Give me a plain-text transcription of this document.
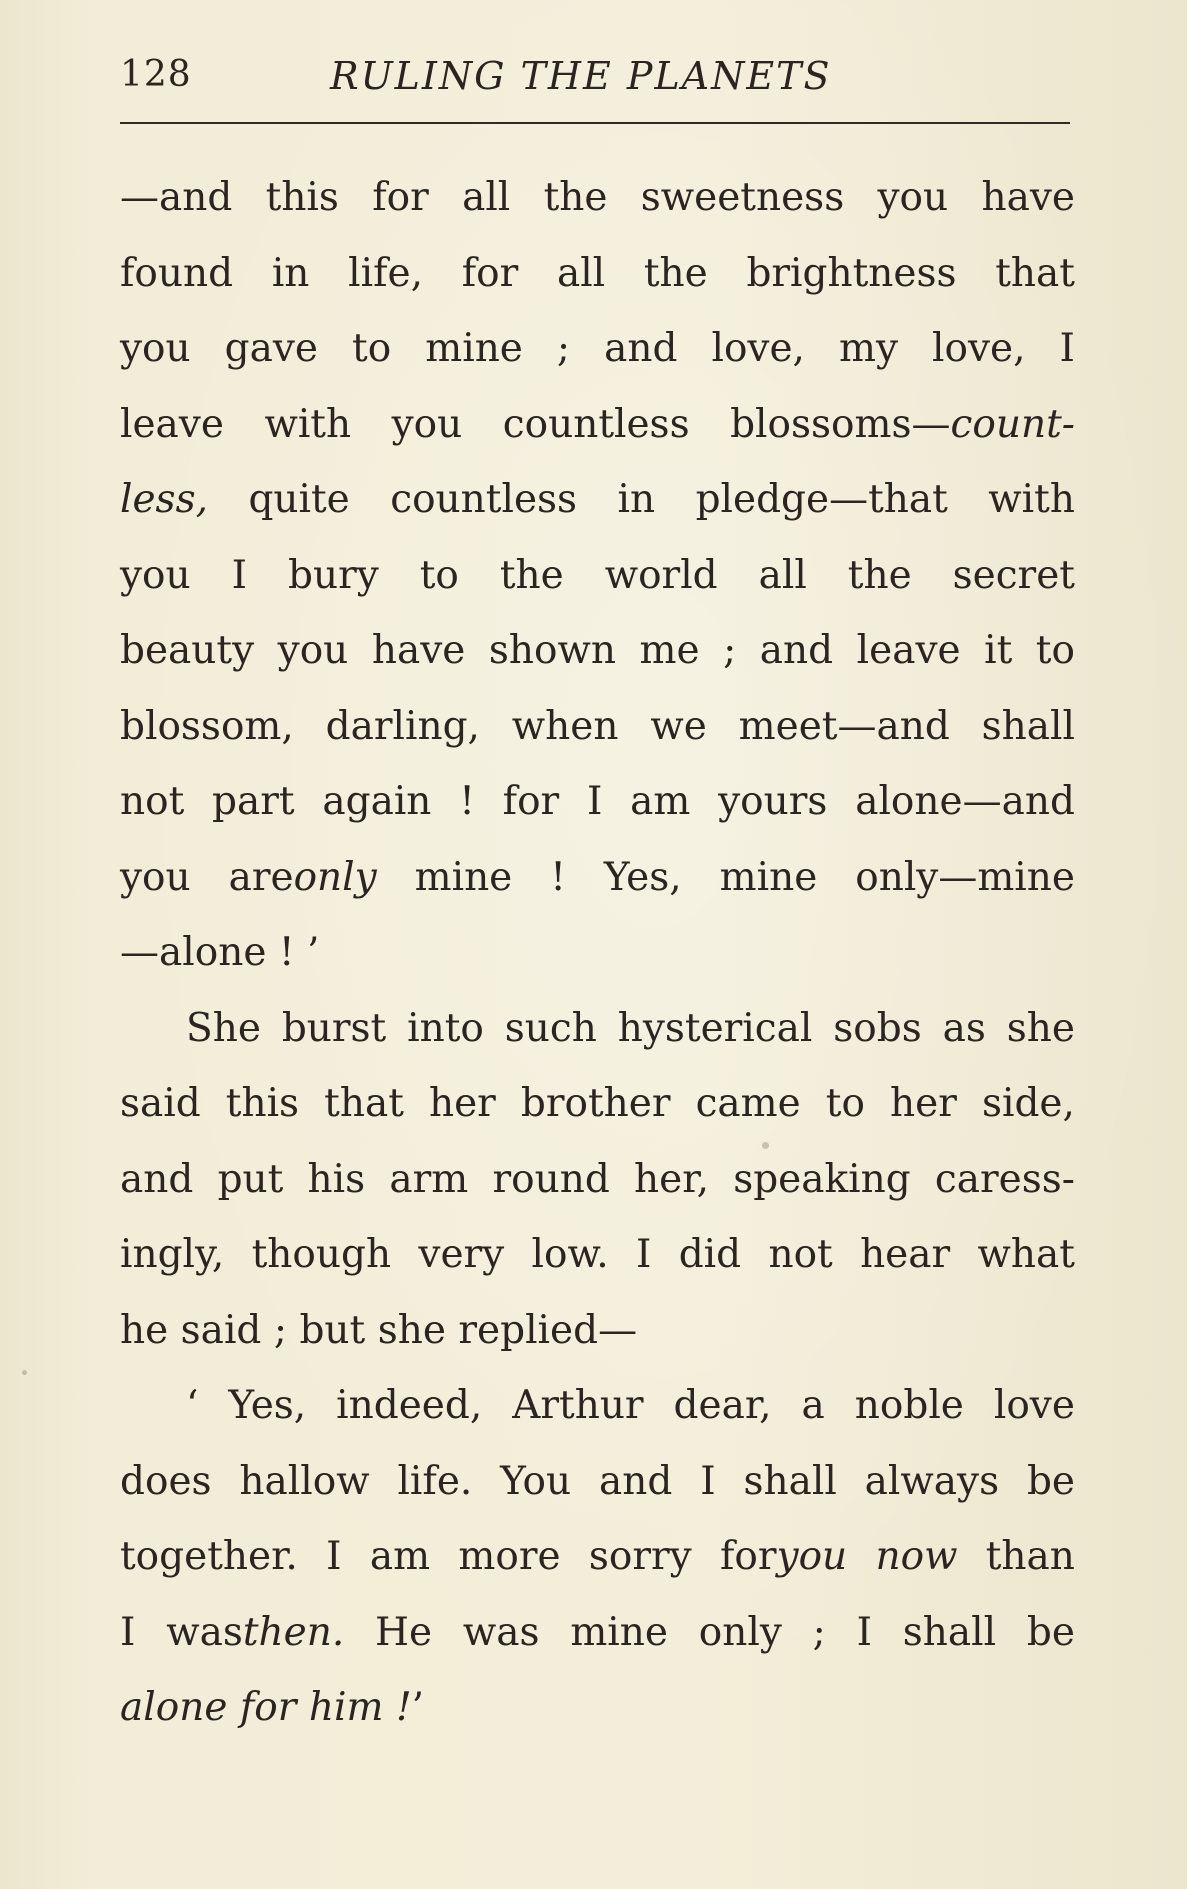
128	RULING THE PLANETS
—and this for all the sweetness you have
found in life, for all the brightness that
you gave to mine ; and love, my love, I
leave with you countless blossoms—count-
less, quite countless in pledge—that with
you I bury to the world all the secret
beauty you have shown me ; and leave it to
blossom, darling, when we meet—and shall
not part again ! for I am yours alone—and
you areonly mine ! Yes, mine only—mine
—alone ! ’
She burst into such hysterical sobs as she
said this that her brother came to her side,
and put his arm round her, speaking caress-
ingly, though very low. I did not hear what
he said ; but she replied—
‘ Yes, indeed, Arthur dear, a noble love
does hallow life. You and I shall always be
together. I am more sorry foryou now than
I wasthen. He was mine only ; I shall be
alone for him !’
